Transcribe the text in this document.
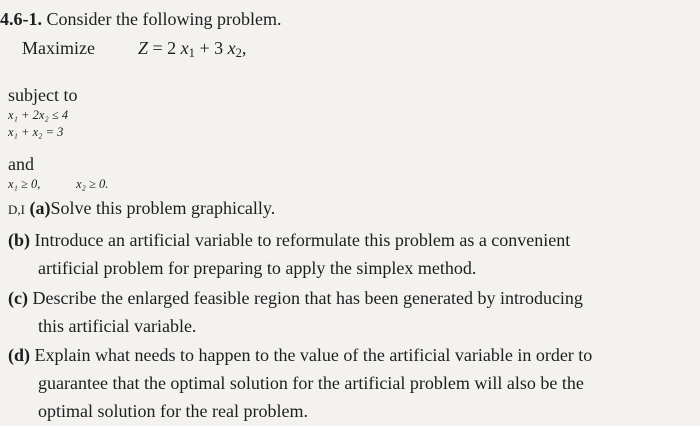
4.6-1. Consider the following problem.
Maximize Z = 2 $x_1 + 3$ $x_2$,
subject to
x₁ + 2x₂ ≤ 4
x₁ + x₂ = 3
and
x₁ ≥ 0,	x₂ ≥ 0.
D,I (a)Solve this problem graphically.
(b) Introduce an artificial variable to reformulate this problem as a convenient
artificial problem for preparing to apply the simplex method.
(c) Describe the enlarged feasible region that has been generated by introducing
this artificial variable.
(d) Explain what needs to happen to the value of the artificial variable in order to
guarantee that the optimal solution for the artificial problem will also be the
optimal solution for the real problem.
